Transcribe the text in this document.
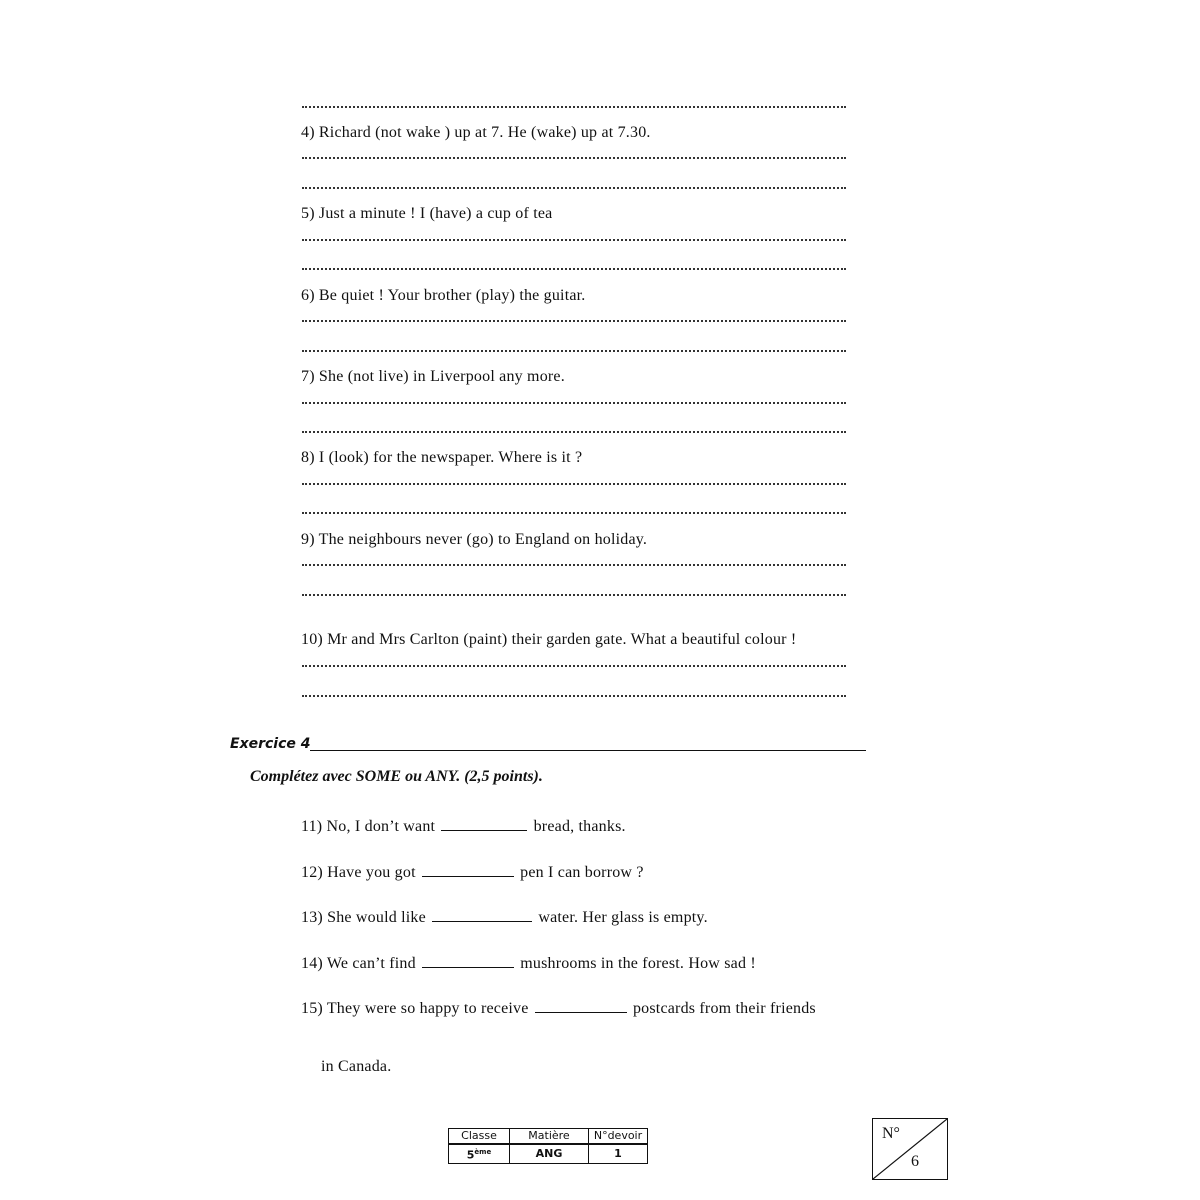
4) Richard (not wake ) up at 7. He (wake) up at 7.30.
5) Just a minute ! I (have) a cup of tea
6) Be quiet ! Your brother (play) the guitar.
7) She (not live) in Liverpool any more.
8) I (look) for the newspaper. Where is it ?
9) The neighbours never (go) to England on holiday.
10) Mr and Mrs Carlton (paint) their garden gate. What a beautiful colour !
Exercice 4
Complétez avec SOME ou ANY. (2,5 points).
11) No, I don’t want	bread, thanks.
12) Have you got	pen I can borrow ?
13) She would like	water. Her glass is empty.
14) We can’t find	mushrooms in the forest. How sad !
15) They were so happy to receive	postcards from their friends
in Canada.
Classe	Matière	N°devoir
5ème	ANG	1
N°
6
